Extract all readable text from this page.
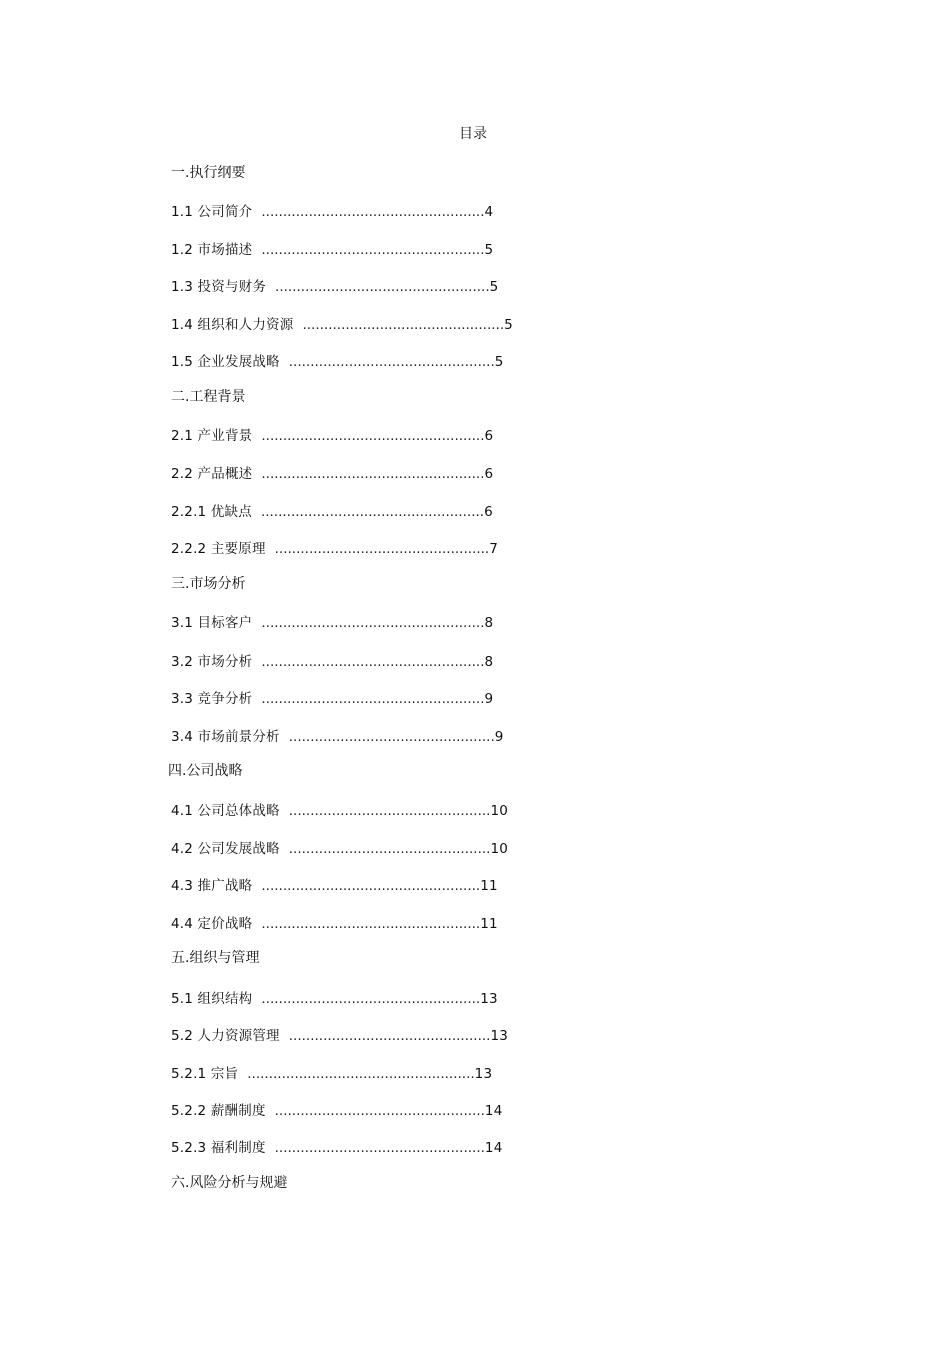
目录
一.执行纲要
1.1 公司简介 ....................................................4
1.2 市场描述 ....................................................5
1.3 投资与财务 ..................................................5
1.4 组织和人力资源 ...............................................5
1.5 企业发展战略 ................................................5
二.工程背景
2.1 产业背景 ....................................................6
2.2 产品概述 ....................................................6
2.2.1 优缺点 ....................................................6
2.2.2 主要原理 ..................................................7
三.市场分析
3.1 目标客户 ....................................................8
3.2 市场分析 ....................................................8
3.3 竞争分析 ....................................................9
3.4 市场前景分析 ................................................9
四.公司战略
4.1 公司总体战略 ...............................................10
4.2 公司发展战略 ...............................................10
4.3 推广战略 ...................................................11
4.4 定价战略 ...................................................11
五.组织与管理
5.1 组织结构 ...................................................13
5.2 人力资源管理 ...............................................13
5.2.1 宗旨 .....................................................13
5.2.2 薪酬制度 .................................................14
5.2.3 福利制度 .................................................14
六.风险分析与规避
